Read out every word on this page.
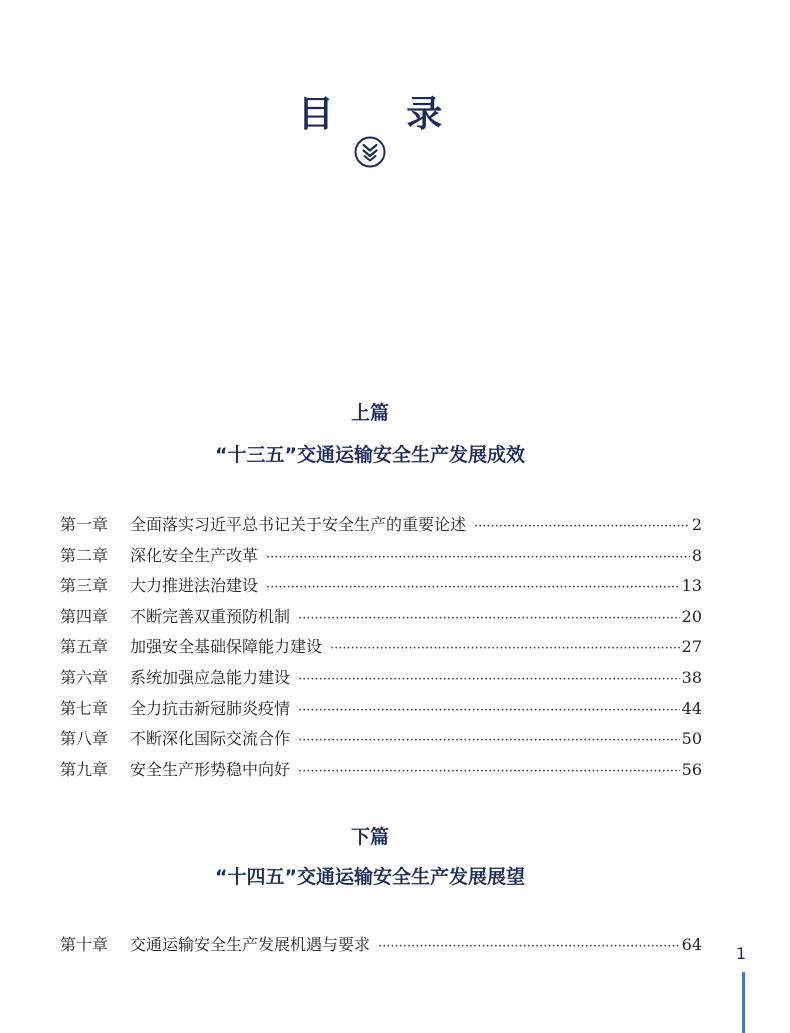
目 录
上篇
“十三五”交通运输安全生产发展成效
第一章	全面落实习近平总书记关于安全生产的重要论述 ·····	2
第二章	深化安全生产改革 ·····	8
第三章	大力推进法治建设 ·····	13
第四章	不断完善双重预防机制 ·····	20
第五章	加强安全基础保障能力建设 ·····	27
第六章	系统加强应急能力建设 ·····	38
第七章	全力抗击新冠肺炎疫情 ·····	44
第八章	不断深化国际交流合作 ·····	50
第九章	安全生产形势稳中向好 ·····	56
下篇
“十四五”交通运输安全生产发展展望
第十章	交通运输安全生产发展机遇与要求 ·····	64 1
